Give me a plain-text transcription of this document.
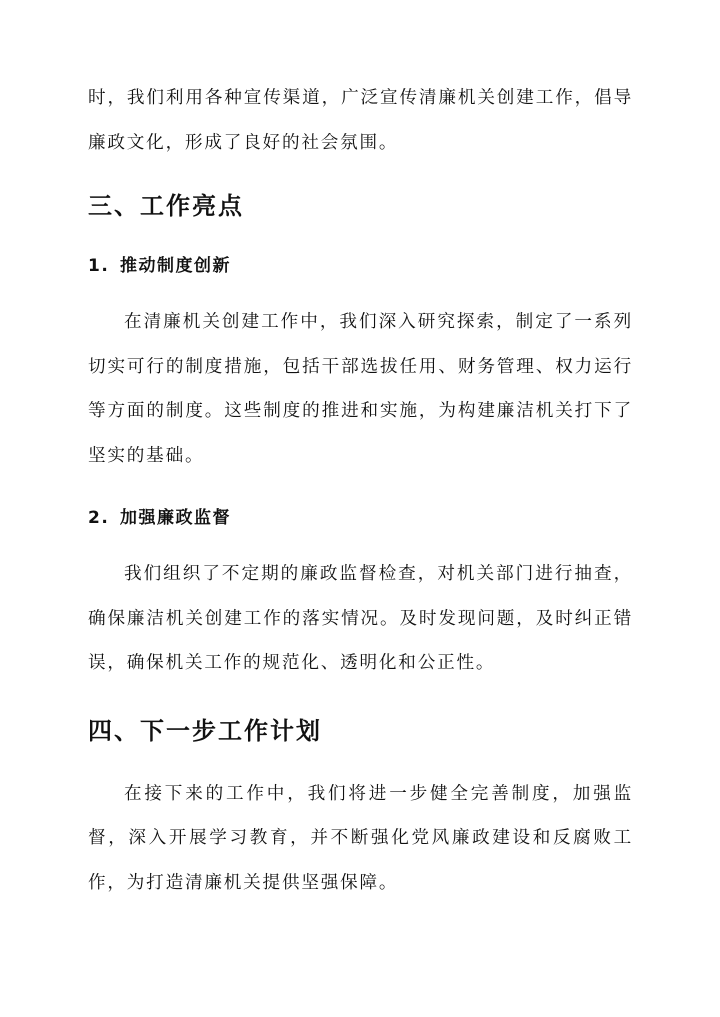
时，我们利用各种宣传渠道，广泛宣传清廉机关创建工作，倡导廉政文化，形成了良好的社会氛围。

三、工作亮点
1. 推动制度创新

在清廉机关创建工作中，我们深入研究探索，制定了一系列切实可行的制度措施，包括干部选拔任用、财务管理、权力运行等方面的制度。这些制度的推进和实施，为构建廉洁机关打下了坚实的基础。

2. 加强廉政监督

我们组织了不定期的廉政监督检查，对机关部门进行抽查，确保廉洁机关创建工作的落实情况。及时发现问题，及时纠正错误，确保机关工作的规范化、透明化和公正性。

四、下一步工作计划

在接下来的工作中，我们将进一步健全完善制度，加强监督，深入开展学习教育，并不断强化党风廉政建设和反腐败工作，为打造清廉机关提供坚强保障。
